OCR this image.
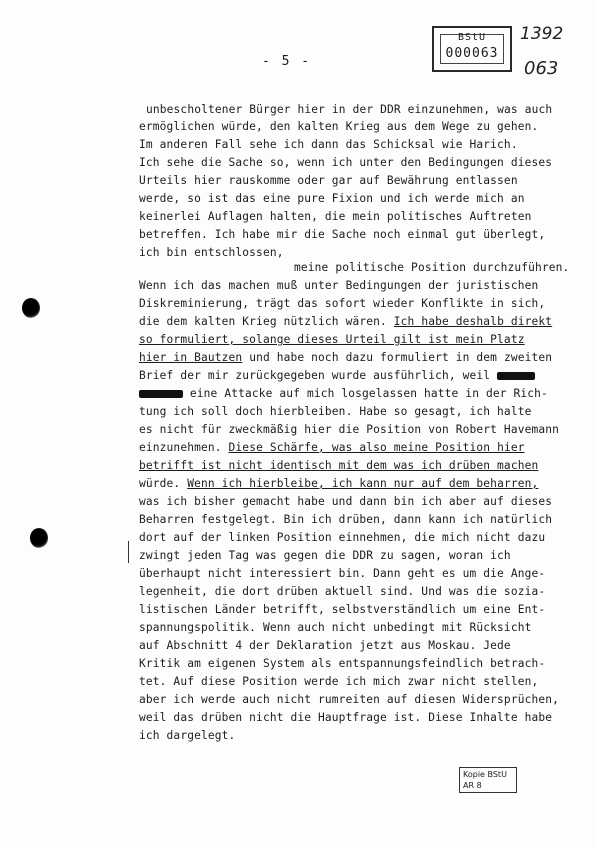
BStU
000063
1392
063
- 5 -
unbescholtener Bürger hier in der DDR einzunehmen, was auch
ermöglichen würde, den kalten Krieg aus dem Wege zu gehen.
Im anderen Fall sehe ich dann das Schicksal wie Harich.
Ich sehe die Sache so, wenn ich unter den Bedingungen dieses
Urteils hier rauskomme oder gar auf Bewährung entlassen
werde, so ist das eine pure Fixion und ich werde mich an
keinerlei Auflagen halten, die mein politisches Auftreten
betreffen. Ich habe mir die Sache noch einmal gut überlegt,
ich bin entschlossen,
meine politische Position durchzuführen.
Wenn ich das machen muß unter Bedingungen der juristischen
Diskreminierung, trägt das sofort wieder Konflikte in sich,
die dem kalten Krieg nützlich wären. Ich habe deshalb direkt
so formuliert, solange dieses Urteil gilt ist mein Platz
hier in Bautzen und habe noch dazu formuliert in dem zweiten
Brief der mir zurückgegeben wurde ausführlich, weil
eine Attacke auf mich losgelassen hatte in der Rich-
tung ich soll doch hierbleiben. Habe so gesagt, ich halte
es nicht für zweckmäßig hier die Position von Robert Havemann
einzunehmen. Diese Schärfe, was also meine Position hier
betrifft ist nicht identisch mit dem was ich drüben machen
würde. Wenn ich hierbleibe, ich kann nur auf dem beharren,
was ich bisher gemacht habe und dann bin ich aber auf dieses
Beharren festgelegt. Bin ich drüben, dann kann ich natürlich
dort auf der linken Position einnehmen, die mich nicht dazu
zwingt jeden Tag was gegen die DDR zu sagen, woran ich
überhaupt nicht interessiert bin. Dann geht es um die Ange-
legenheit, die dort drüben aktuell sind. Und was die sozia-
listischen Länder betrifft, selbstverständlich um eine Ent-
spannungspolitik. Wenn auch nicht unbedingt mit Rücksicht
auf Abschnitt 4 der Deklaration jetzt aus Moskau. Jede
Kritik am eigenen System als entspannungsfeindlich betrach-
tet. Auf diese Position werde ich mich zwar nicht stellen,
aber ich werde auch nicht rumreiten auf diesen Widersprüchen,
weil das drüben nicht die Hauptfrage ist. Diese Inhalte habe
ich dargelegt.
Kopie BStU
AR 8
